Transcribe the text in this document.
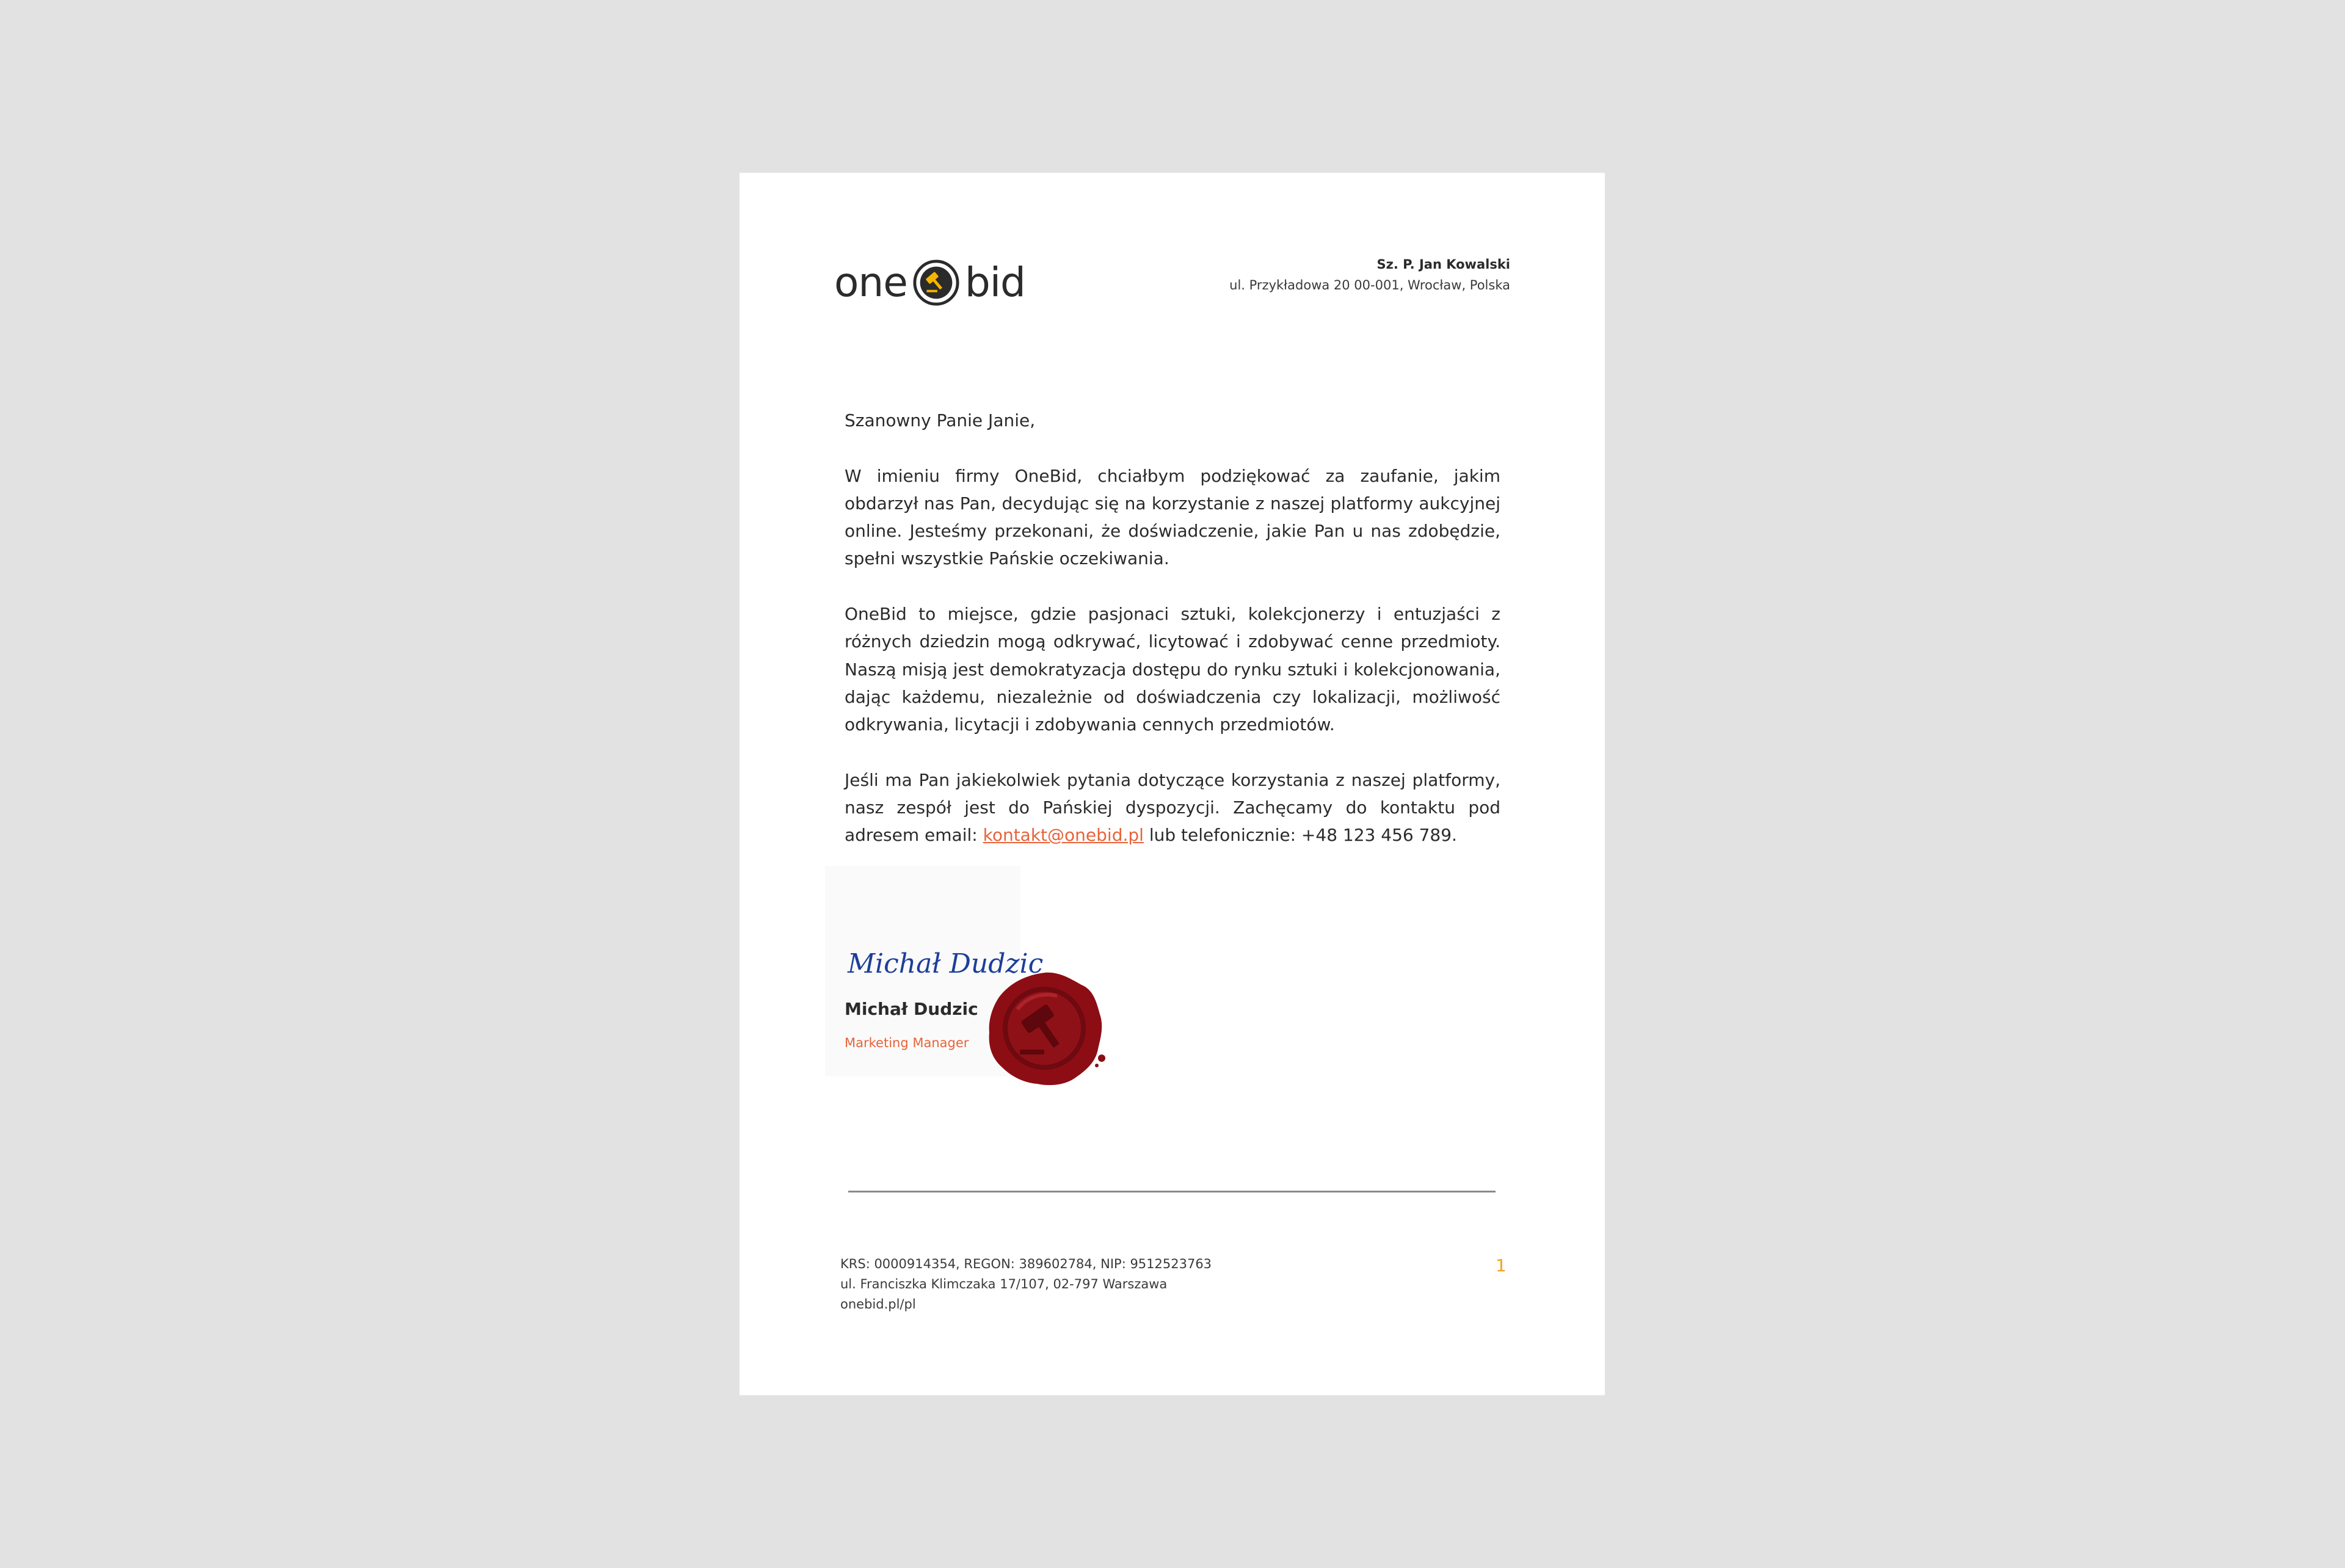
one bid	Sz. P. Jan Kowalski
ul. Przykładowa 20 00-001, Wrocław, Polska

Szanowny Panie Janie,

W imieniu firmy OneBid, chciałbym podziękować za zaufanie, jakim obdarzył nas Pan, decydując się na korzystanie z naszej platformy aukcyjnej online. Jesteśmy przekonani, że doświadczenie, jakie Pan u nas zdobędzie, spełni wszystkie Pańskie oczekiwania.

OneBid to miejsce, gdzie pasjonaci sztuki, kolekcjonerzy i entuzjaści z różnych dziedzin mogą odkrywać, licytować i zdobywać cenne przedmioty. Naszą misją jest demokratyzacja dostępu do rynku sztuki i kolekcjonowania, dając każdemu, niezależnie od doświadczenia czy lokalizacji, możliwość odkrywania, licytacji i zdobywania cennych przedmiotów.

Jeśli ma Pan jakiekolwiek pytania dotyczące korzystania z naszej platformy, nasz zespół jest do Pańskiej dyspozycji. Zachęcamy do kontaktu pod adresem email: kontakt@onebid.pl lub telefonicznie: +48 123 456 789.

Michał Dudzic
Michał Dudzic
Marketing Manager
KRS: 0000914354, REGON: 389602784, NIP: 9512523763
ul. Franciszka Klimczaka 17/107, 02-797 Warszawa
onebid.pl/pl
1
